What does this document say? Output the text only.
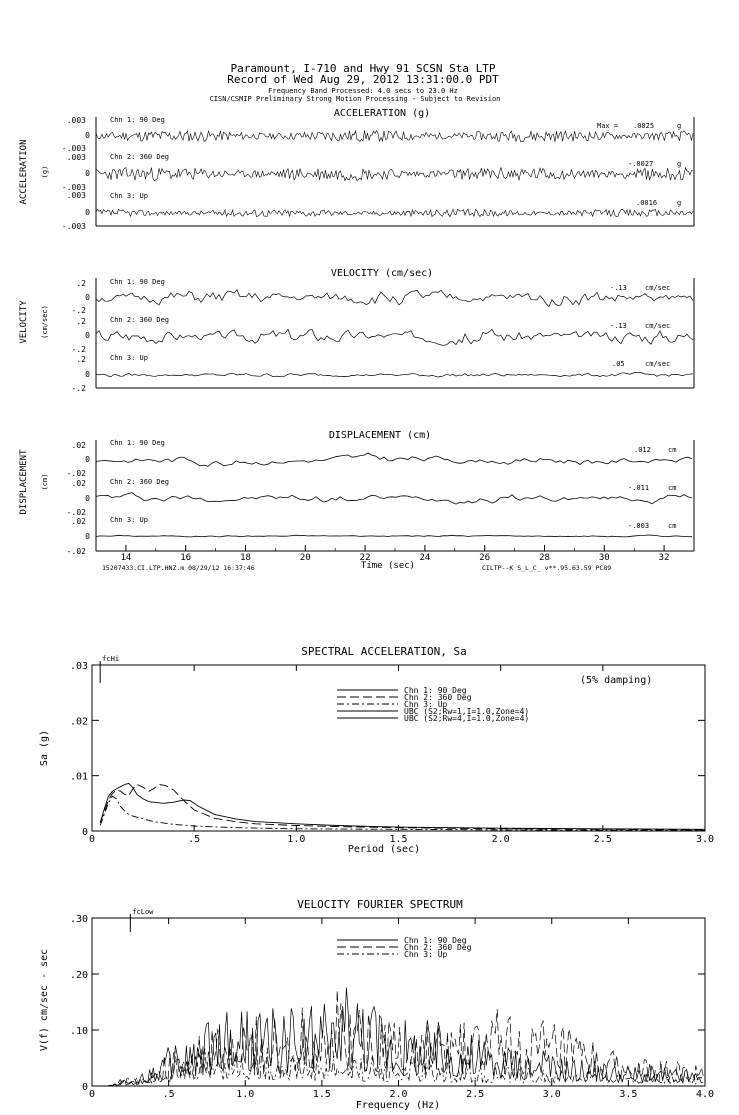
Paramount, I-710 and Hwy 91 SCSN Sta LTP
Record of Wed Aug 29, 2012 13:31:00.0 PDT
Frequency Band Processed: 4.0 secs to 23.0 Hz
CISN/CSMIP Preliminary Strong Motion Processing - Subject to Revision
ACCELERATION (g)
ACCELERATION (g)
.003
0
-.003
Chn 1: 90 Deg
Max = .0025	g
.003
0
-.003
Chn 2: 360 Deg
-.0027	g
.003
0
-.003
Chn 3: Up
.0016	g
VELOCITY (cm/sec)
VELOCITY (cm/sec)
.2
0
-.2
Chn 1: 90 Deg
-.13	cm/sec
.2
0
-.2
Chn 2: 360 Deg
-.13	cm/sec
.2
0
-.2
Chn 3: Up
.05	cm/sec
DISPLACEMENT (cm)
DISPLACEMENT (cm)
.02
0
-.02
Chn 1: 90 Deg
.012 cm
.02
0
-.02
Chn 2: 360 Deg
-.011	cm
.02
0
-.02
Chn 3: Up
-.003	cm
14	16	18	20	22	24	26	28	30	32
Time (sec)
15207433.CI.LTP.HNZ.m 08/29/12 16:37:46	CILTP--K S_L_C_ v**.95.63.59 PC89
SPECTRAL ACCELERATION, Sa
Sa (g)
Period (sec)
(5% damping)
fcHi
0	.5	1.0	1.5	2.0	2.5	3.0
0
.01
.02
.03
Chn 1: 90 Deg
Chn 2: 360 Deg
Chn 3: Up
UBC (S2;Rw=1,I=1.0,Zone=4)
UBC (S2;Rw=4,I=1.0,Zone=4)
VELOCITY FOURIER SPECTRUM
V(f) cm/sec - sec
Frequency (Hz)
fcLow
0	.5	1.0	1.5	2.0	2.5	3.0	3.5	4.0
0
.10
.20
.30
Chn 1: 90 Deg
Chn 2: 360 Deg
Chn 3: Up
